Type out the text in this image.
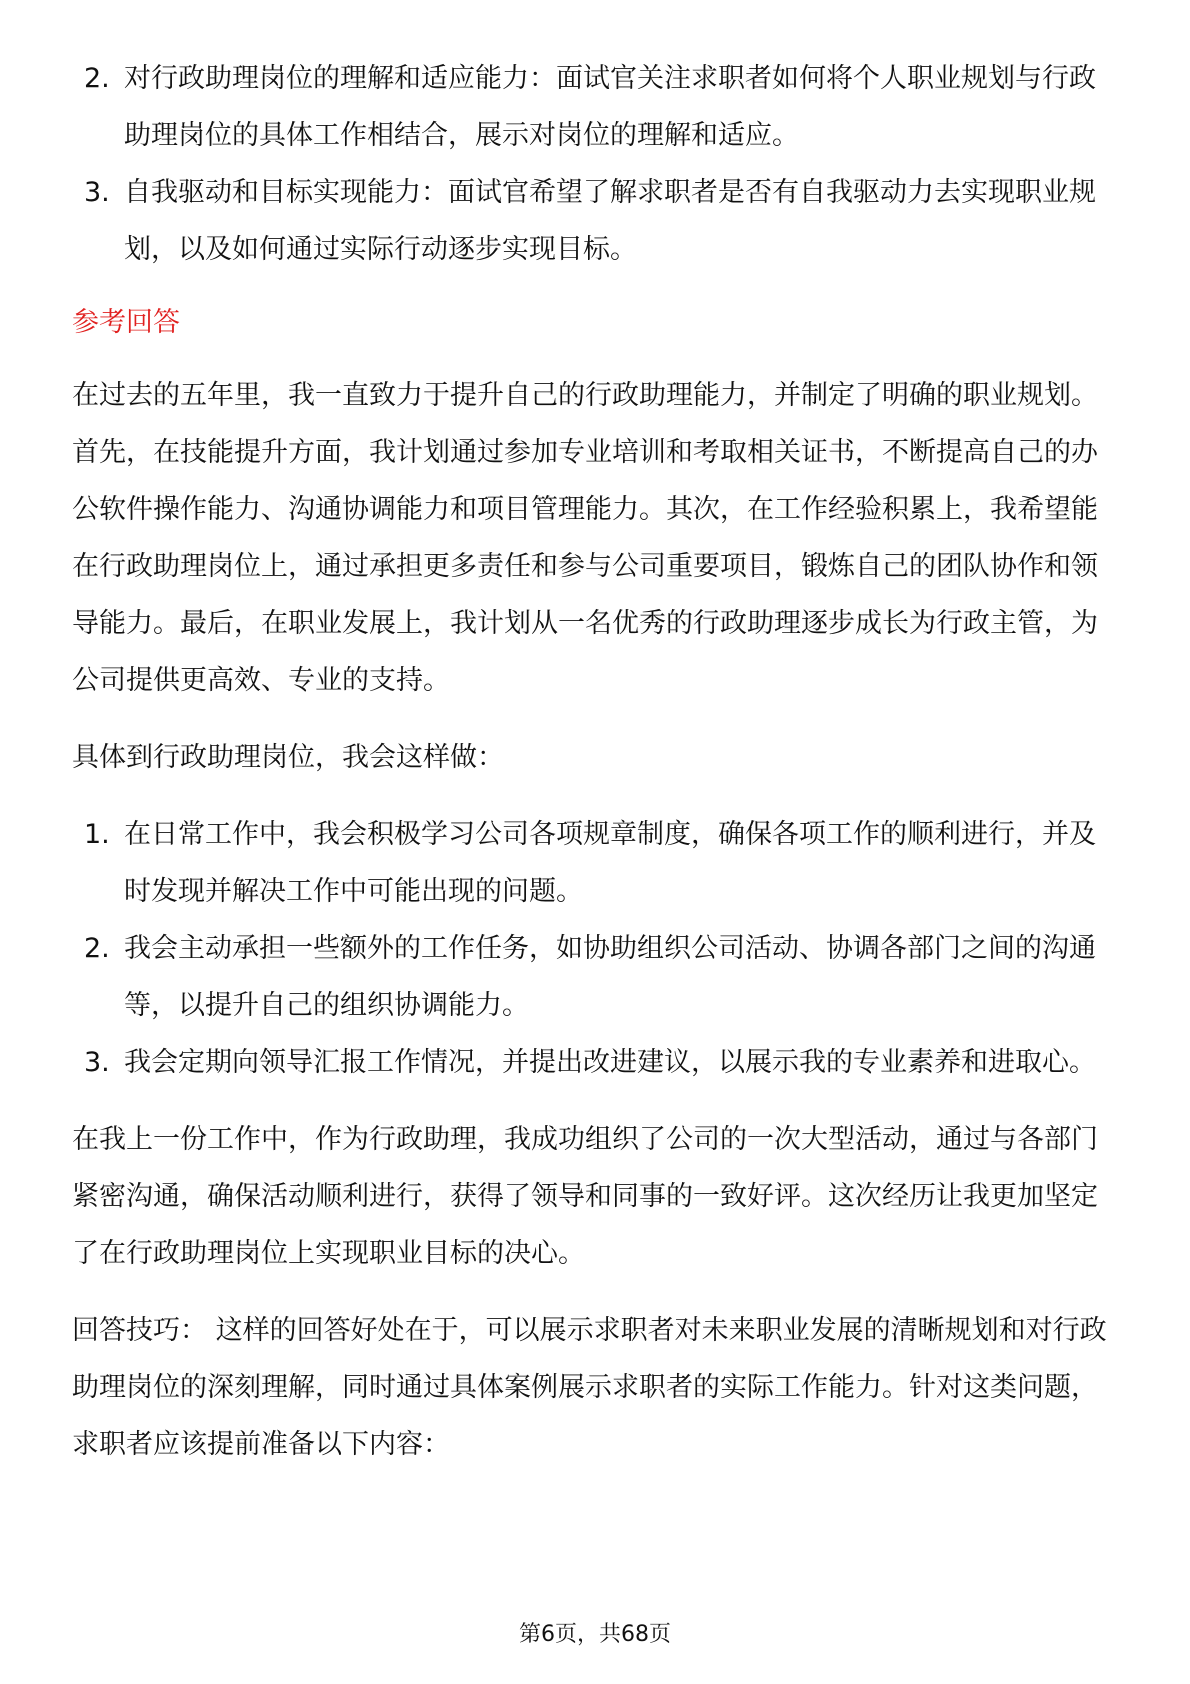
2. 对行政助理岗位的理解和适应能力：面试官关注求职者如何将个人职业规划与行政助理岗位的具体工作相结合，展示对岗位的理解和适应。
3. 自我驱动和目标实现能力：面试官希望了解求职者是否有自我驱动力去实现职业规划，以及如何通过实际行动逐步实现目标。
参考回答

在过去的五年里，我一直致力于提升自己的行政助理能力，并制定了明确的职业规划。首先，在技能提升方面，我计划通过参加专业培训和考取相关证书，不断提高自己的办公软件操作能力、沟通协调能力和项目管理能力。其次，在工作经验积累上，我希望能在行政助理岗位上，通过承担更多责任和参与公司重要项目，锻炼自己的团队协作和领导能力。最后，在职业发展上，我计划从一名优秀的行政助理逐步成长为行政主管，为公司提供更高效、专业的支持。

具体到行政助理岗位，我会这样做：

1. 在日常工作中，我会积极学习公司各项规章制度，确保各项工作的顺利进行，并及时发现并解决工作中可能出现的问题。
2. 我会主动承担一些额外的工作任务，如协助组织公司活动、协调各部门之间的沟通等，以提升自己的组织协调能力。
3. 我会定期向领导汇报工作情况，并提出改进建议，以展示我的专业素养和进取心。

在我上一份工作中，作为行政助理，我成功组织了公司的一次大型活动，通过与各部门紧密沟通，确保活动顺利进行，获得了领导和同事的一致好评。这次经历让我更加坚定了在行政助理岗位上实现职业目标的决心。

回答技巧： 这样的回答好处在于，可以展示求职者对未来职业发展的清晰规划和对行政助理岗位的深刻理解，同时通过具体案例展示求职者的实际工作能力。针对这类问题，求职者应该提前准备以下内容：

第6页，共68页
